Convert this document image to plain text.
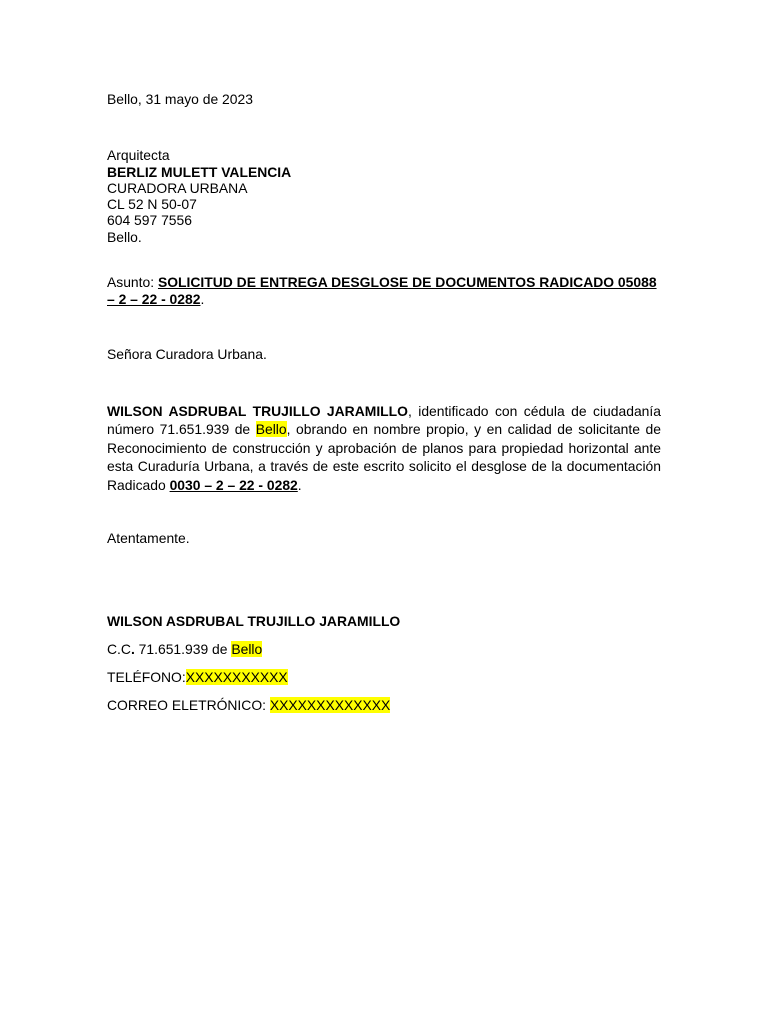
Bello, 31 mayo de 2023
Arquitecta
BERLIZ MULETT VALENCIA
CURADORA URBANA
CL 52 N 50-07
604 597 7556
Bello.
Asunto: SOLICITUD DE ENTREGA DESGLOSE DE DOCUMENTOS RADICADO 05088
– 2 – 22 - 0282.
Señora Curadora Urbana.
WILSON ASDRUBAL TRUJILLO JARAMILLO, identificado con cédula de ciudadanía
número 71.651.939 de Bello, obrando en nombre propio, y en calidad de solicitante de
Reconocimiento de construcción y aprobación de planos para propiedad horizontal ante
esta Curaduría Urbana, a través de este escrito solicito el desglose de la documentación
Radicado 0030 – 2 – 22 - 0282.
Atentamente.
WILSON ASDRUBAL TRUJILLO JARAMILLO
C.C. 71.651.939 de Bello
TELÉFONO:XXXXXXXXXXX
CORREO ELETRÓNICO: XXXXXXXXXXXXX
